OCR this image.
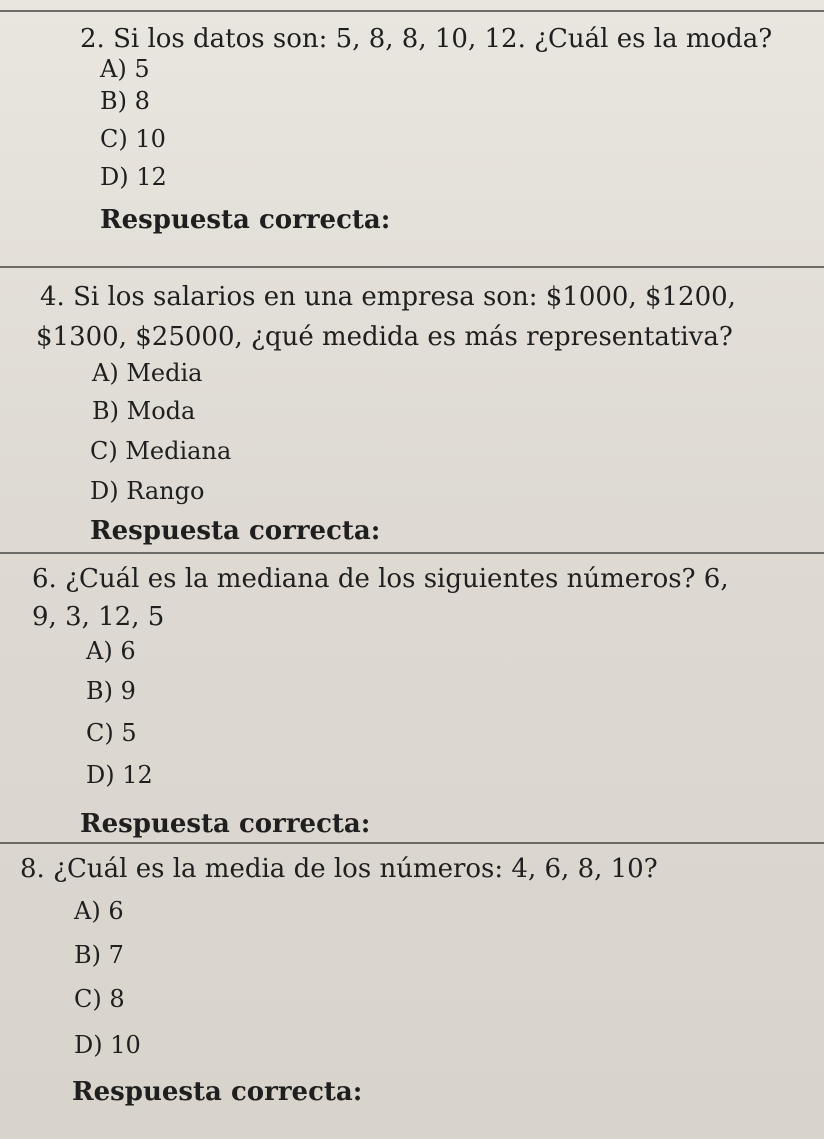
2. Si los datos son: 5, 8, 8, 10, 12. ¿Cuál es la moda?
A) 5
B) 8
C) 10
D) 12
Respuesta correcta:
4. Si los salarios en una empresa son: $1000, $1200,
$1300, $25000, ¿qué medida es más representativa?
A) Media
B) Moda
C) Mediana
D) Rango
Respuesta correcta:
6. ¿Cuál es la mediana de los siguientes números? 6,
9, 3, 12, 5
A) 6
B) 9
C) 5
D) 12
Respuesta correcta:
8. ¿Cuál es la media de los números: 4, 6, 8, 10?
A) 6
B) 7
C) 8
D) 10
Respuesta correcta:
